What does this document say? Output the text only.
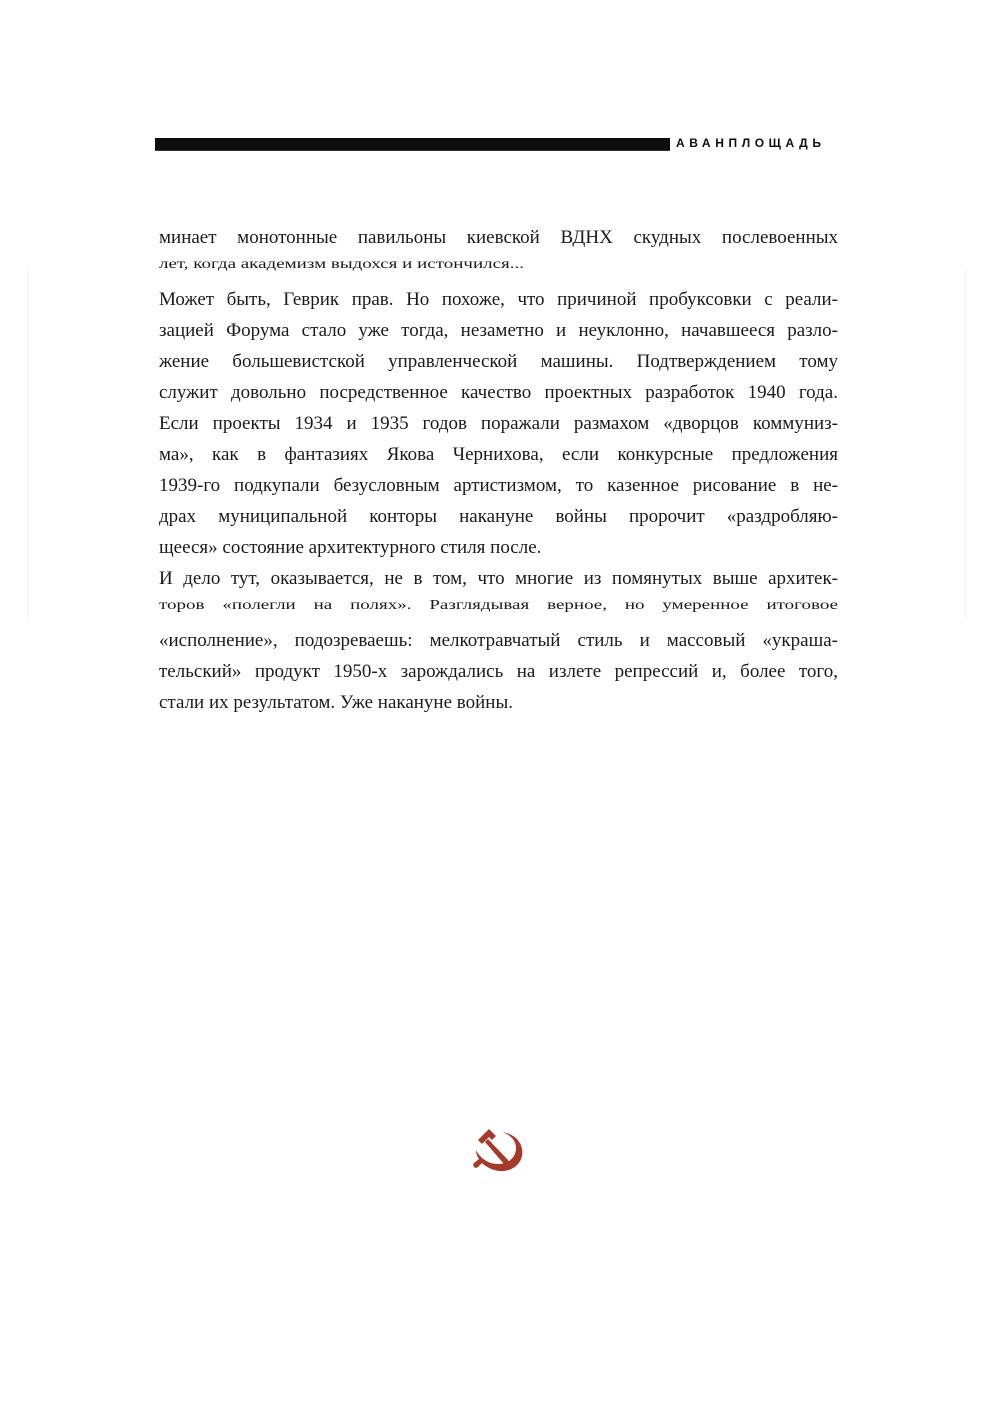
АВАНПЛОЩАДЬ

минает монотонные павильоны киевской ВДНХ скудных послевоенных
лет, когда академизм выдохся и истончился...

Может быть, Геврик прав. Но похоже, что причиной пробуксовки с реали-
зацией Форума стало уже тогда, незаметно и неуклонно, начавшееся разло-
жение большевистской управленческой машины. Подтверждением тому
служит довольно посредственное качество проектных разработок 1940 года.
Если проекты 1934 и 1935 годов поражали размахом «дворцов коммуниз-
ма», как в фантазиях Якова Чернихова, если конкурсные предложения
1939-го подкупали безусловным артистизмом, то казенное рисование в не-
драх муниципальной конторы накануне войны пророчит «раздробляю-
щееся» состояние архитектурного стиля после.

И дело тут, оказывается, не в том, что многие из помянутых выше архитек-
торов «полегли на полях». Разглядывая верное, но умеренное итоговое
«исполнение», подозреваешь: мелкотравчатый стиль и массовый «украша-
тельский» продукт 1950-х зарождались на излете репрессий и, более того,
стали их результатом. Уже накануне войны.
